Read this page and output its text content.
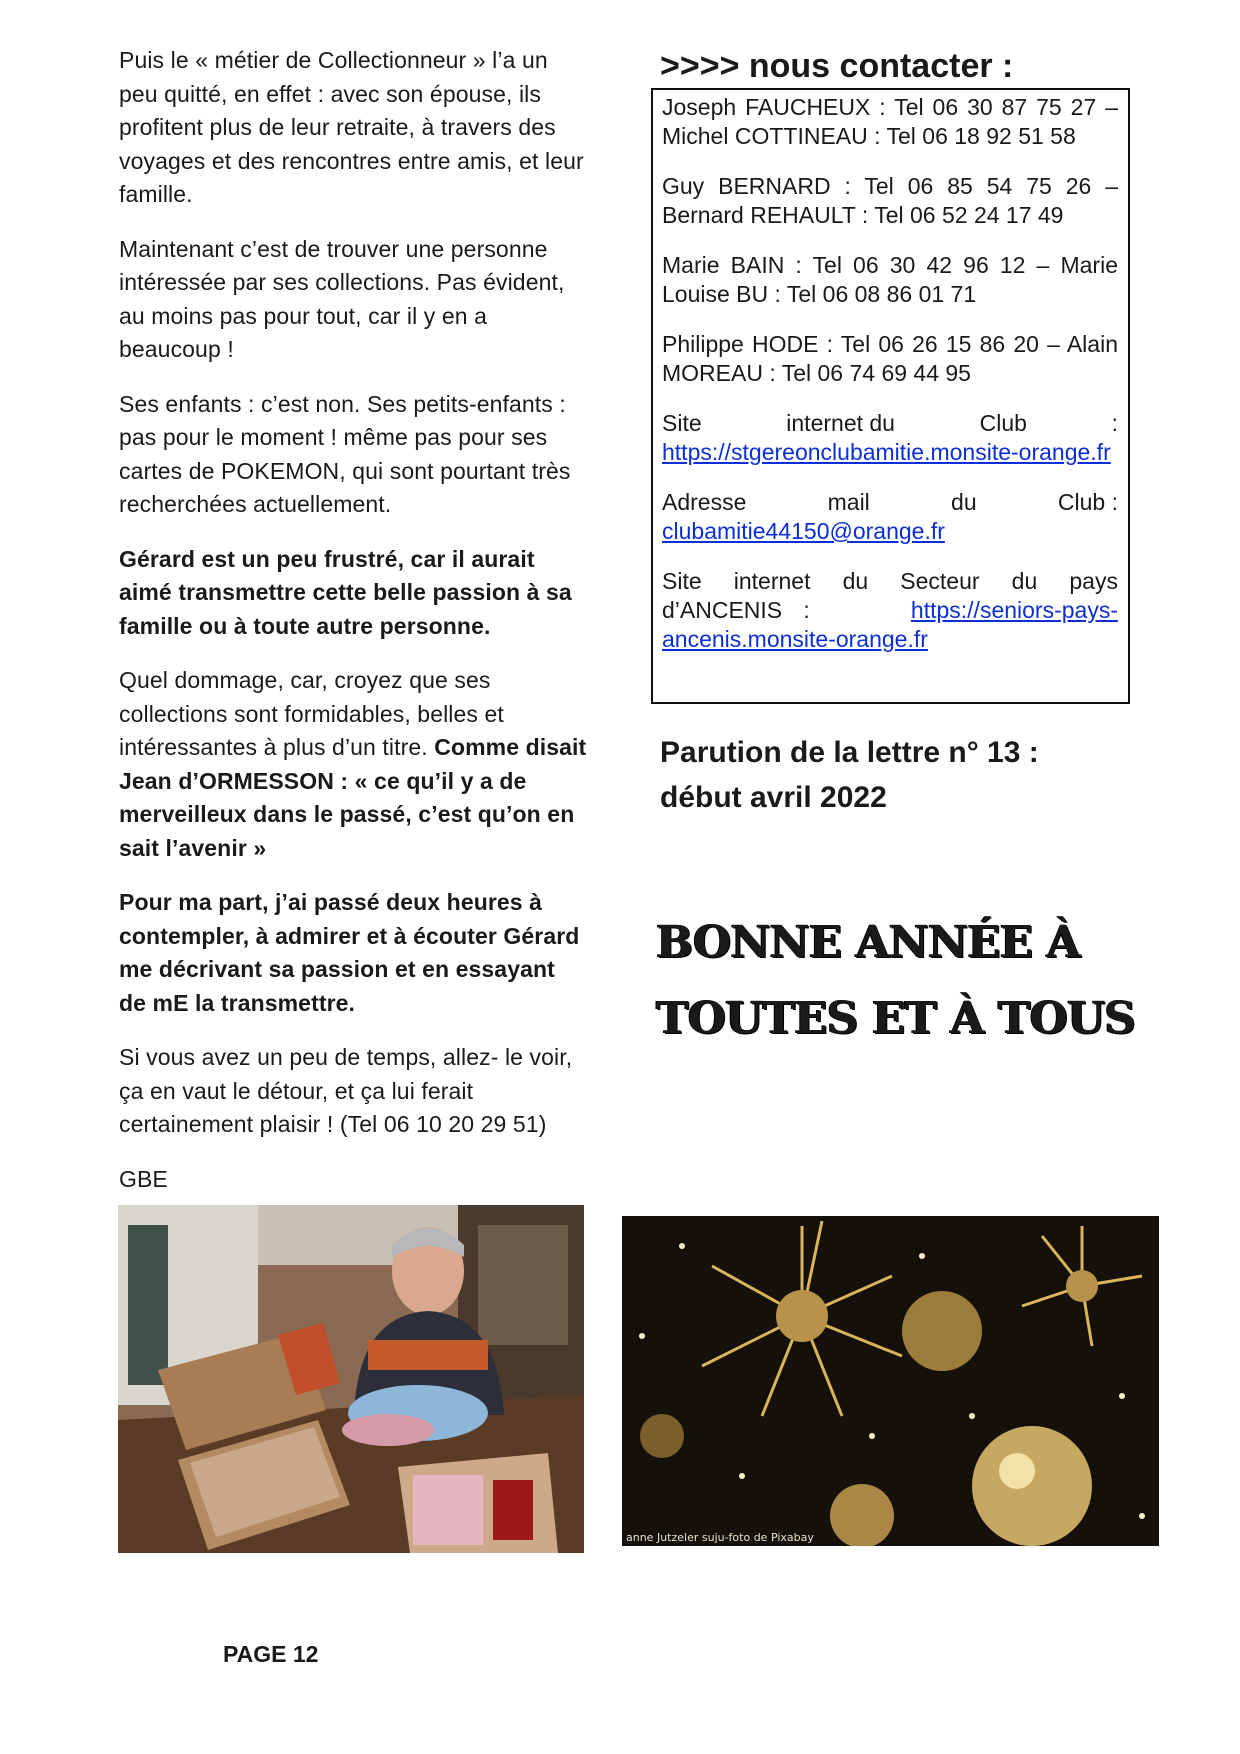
Puis le « métier de Collectionneur » l’a un peu quitté, en effet : avec son épouse, ils profitent plus de leur retraite, à travers des voyages et des rencontres entre amis, et leur famille.

Maintenant c’est de trouver une personne intéressée par ses collections. Pas évident, au moins pas pour tout, car il y en a beaucoup !

Ses enfants : c’est non. Ses petits-enfants : pas pour le moment ! même pas pour ses cartes de POKEMON, qui sont pourtant très recherchées actuellement.

Gérard est un peu frustré, car il aurait aimé transmettre cette belle passion à sa famille ou à toute autre personne.

Quel dommage, car, croyez que ses collections sont formidables, belles et intéressantes à plus d’un titre. Comme disait Jean d’ORMESSON : « ce qu’il y a de merveilleux dans le passé, c’est qu’on en sait l’avenir »

Pour ma part, j’ai passé deux heures à contempler, à admirer et à écouter Gérard me décrivant sa passion et en essayant de mE la transmettre.

Si vous avez un peu de temps, allez- le voir, ça en vaut le détour, et ça lui ferait certainement plaisir ! (Tel 06 10 20 29 51)

GBE

>>>> nous contacter :

Joseph FAUCHEUX : Tel 06 30 87 75 27 – Michel COTTINEAU : Tel 06 18 92 51 58

Guy BERNARD : Tel 06 85 54 75 26 – Bernard REHAULT : Tel 06 52 24 17 49

Marie BAIN : Tel 06 30 42 96 12 – Marie Louise BU : Tel 06 08 86 01 71

Philippe HODE : Tel 06 26 15 86 20 – Alain MOREAU : Tel 06 74 69 44 95

Site	internet du	Club	:
https://stgereonclubamitie.monsite-orange.fr

Adresse	mail	du	Club :
clubamitie44150@orange.fr

Site internet du Secteur du pays
d’ANCENIS :	https://seniors-pays-ancenis.monsite-orange.fr

Parution de la lettre n° 13 :
début avril 2022
BONNE ANNÉE À
TOUTES ET À TOUS
anne Jutzeler suju-foto de Pixabay
PAGE 12
